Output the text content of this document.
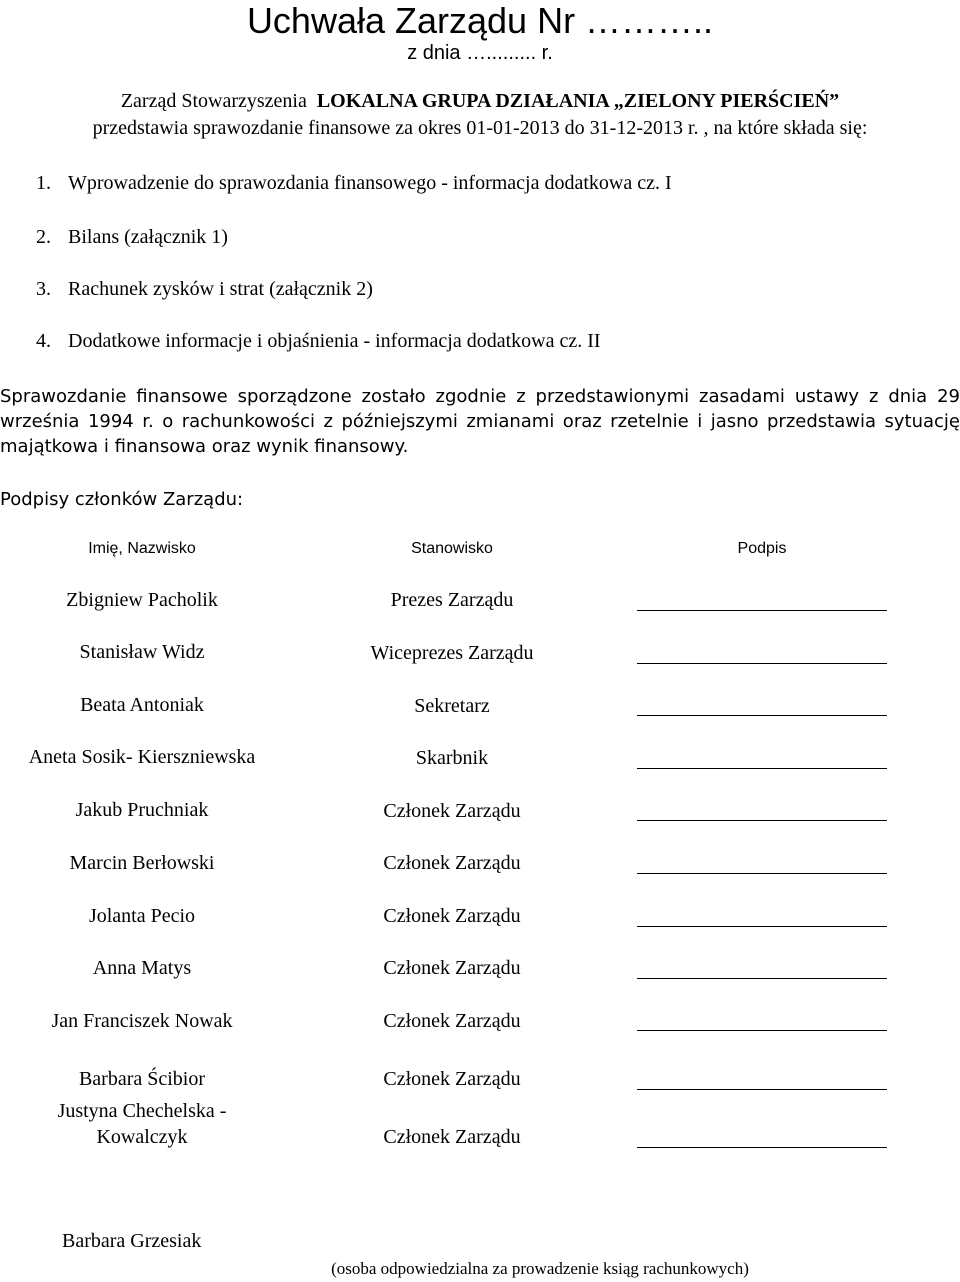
Uchwała Zarządu Nr ………..
z dnia …......... r.
Zarząd Stowarzyszenia LOKALNA GRUPA DZIAŁANIA „ZIELONY PIERŚCIEŃ”
przedstawia sprawozdanie finansowe za okres 01-01-2013 do 31-12-2013 r. , na które składa się:
1. Wprowadzenie do sprawozdania finansowego - informacja dodatkowa cz. I
2. Bilans (załącznik 1)
3. Rachunek zysków i strat (załącznik 2)
4. Dodatkowe informacje i objaśnienia - informacja dodatkowa cz. II
Sprawozdanie finansowe sporządzone zostało zgodnie z przedstawionymi zasadami ustawy z dnia 29 września 1994 r. o rachunkowości z późniejszymi zmianami oraz rzetelnie i jasno przedstawia sytuację majątkowa i finansowa oraz wynik finansowy.
Podpisy członków Zarządu:
Imię, Nazwisko	Stanowisko	Podpis
Zbigniew Pacholik	Prezes Zarządu
Stanisław Widz	Wiceprezes Zarządu
Beata Antoniak	Sekretarz
Aneta Sosik- Kierszniewska	Skarbnik
Jakub Pruchniak	Członek Zarządu
Marcin Berłowski	Członek Zarządu
Jolanta Pecio	Członek Zarządu
Anna Matys	Członek Zarządu
Jan Franciszek Nowak	Członek Zarządu
Barbara Ścibior	Członek Zarządu
Justyna Chechelska -
Kowalczyk	Członek Zarządu
Barbara Grzesiak
(osoba odpowiedzialna za prowadzenie ksiąg rachunkowych)
